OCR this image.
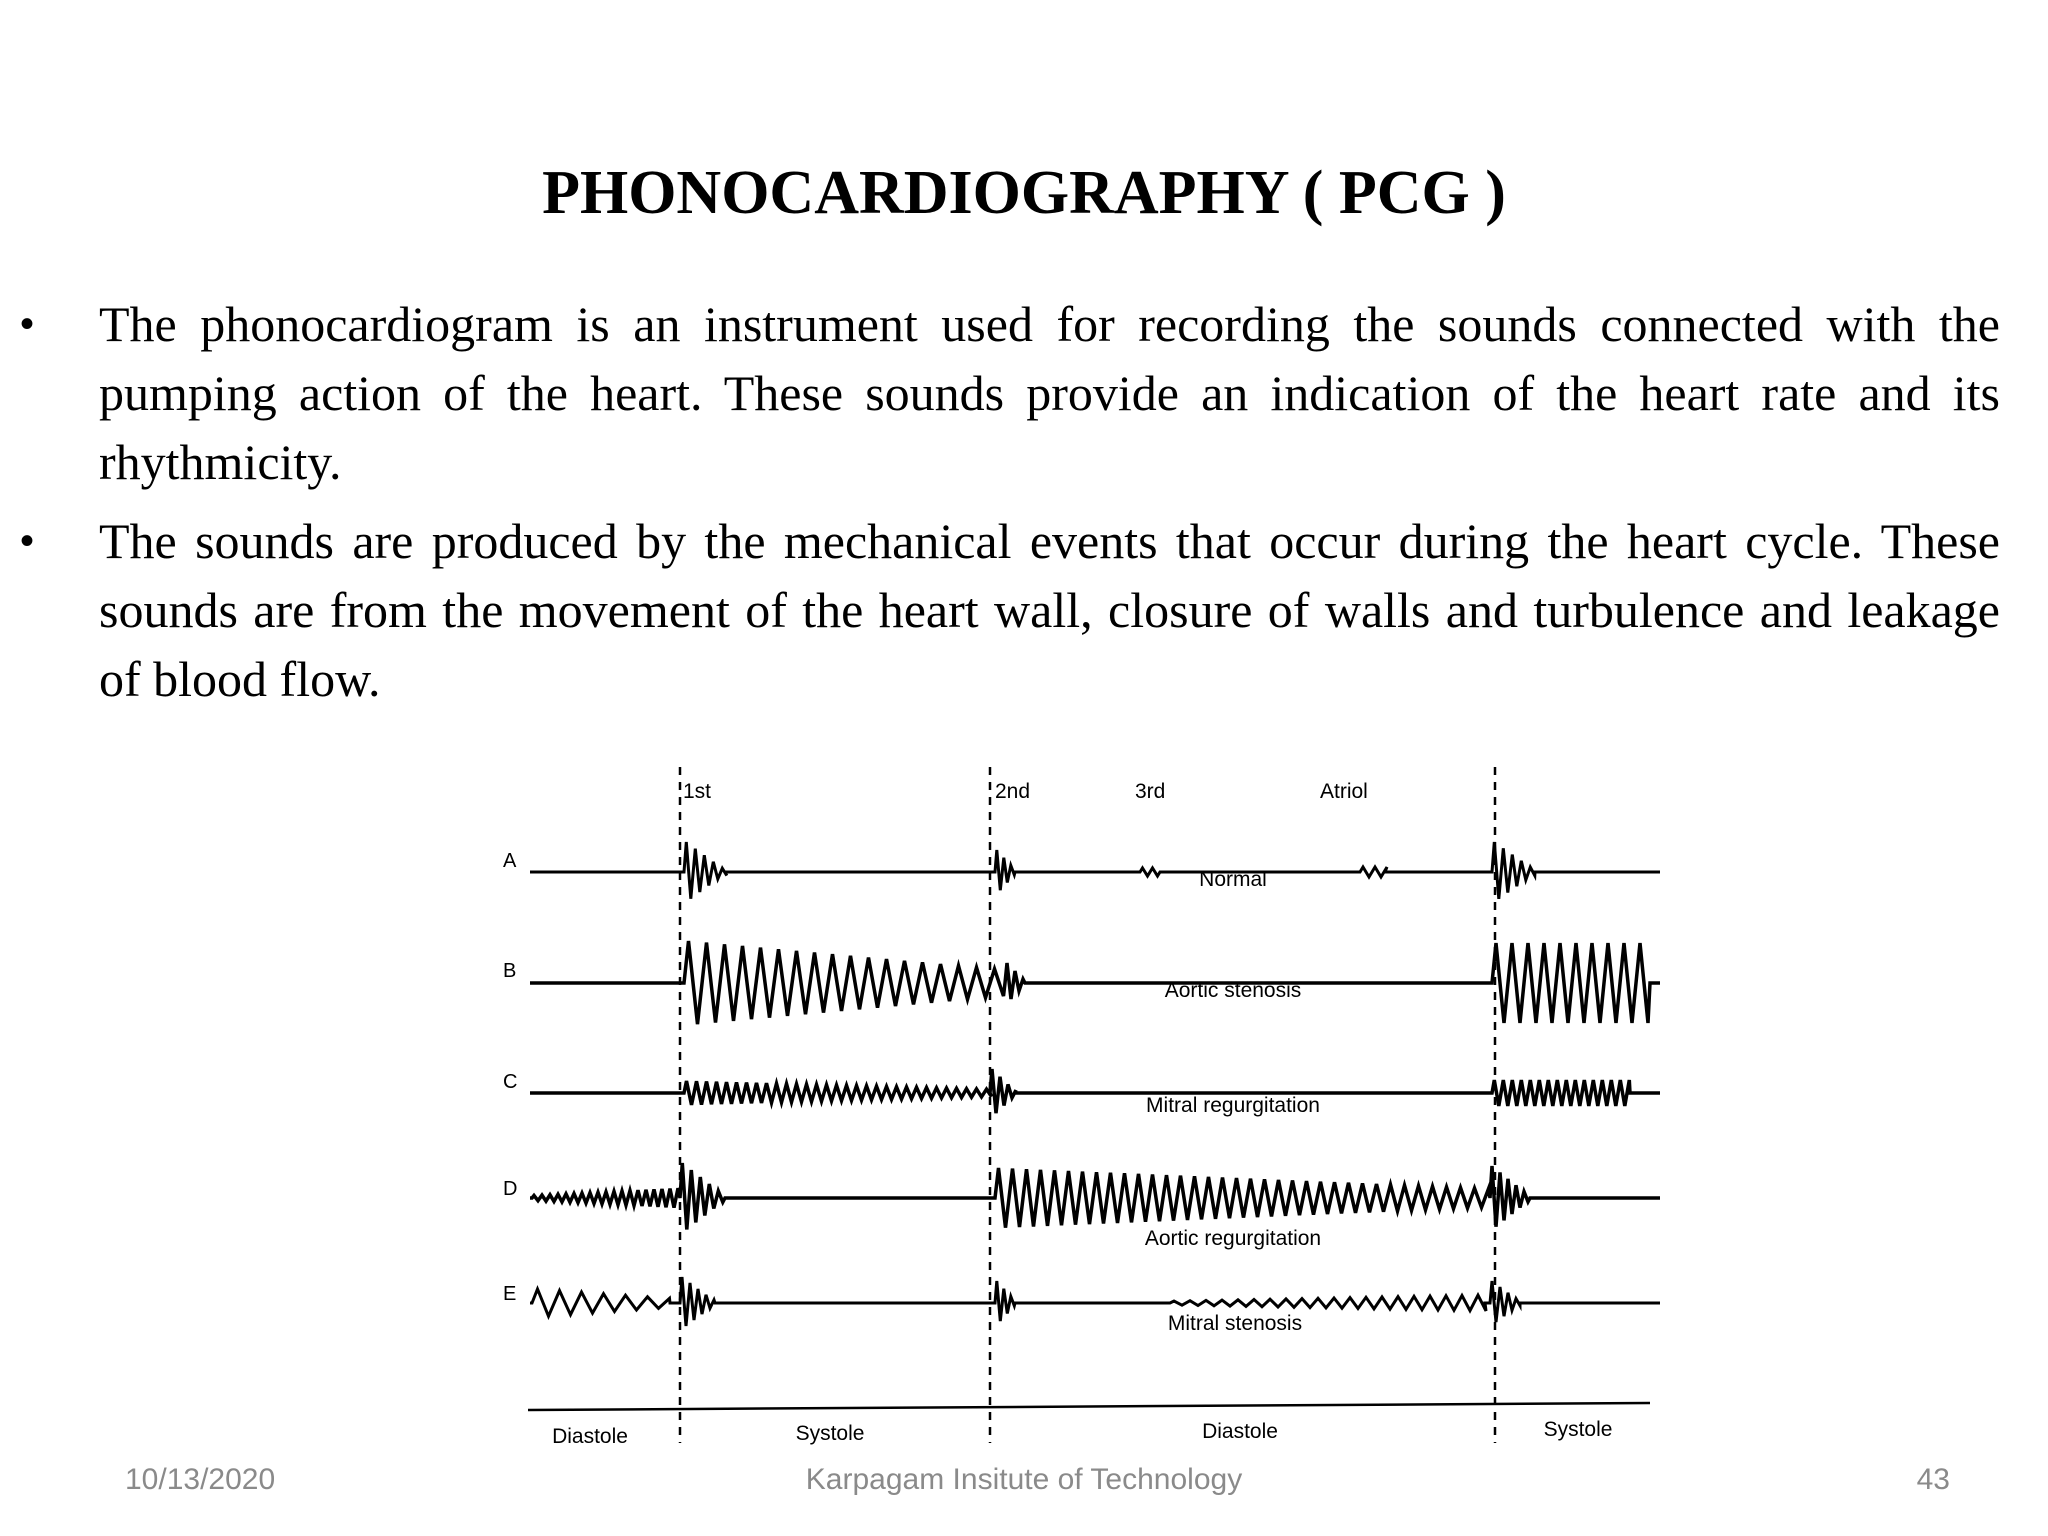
PHONOCARDIOGRAPHY ( PCG )
•	The phonocardiogram is an instrument used for recording the sounds connected with the pumping action of the heart. These sounds provide an indication of the heart rate and its rhythmicity.
•	The sounds are produced by the mechanical events that occur during the heart cycle. These sounds are from the movement of the heart wall, closure of walls and turbulence and leakage of blood flow.
1st	2nd	3rd	Atriol
A
Normal
B
Aortic stenosis
C
Mitral regurgitation
D
Aortic regurgitation
E
Mitral stenosis
Diastole	Systole	Diastole	Systole
10/13/2020	Karpagam Insitute of Technology	43
